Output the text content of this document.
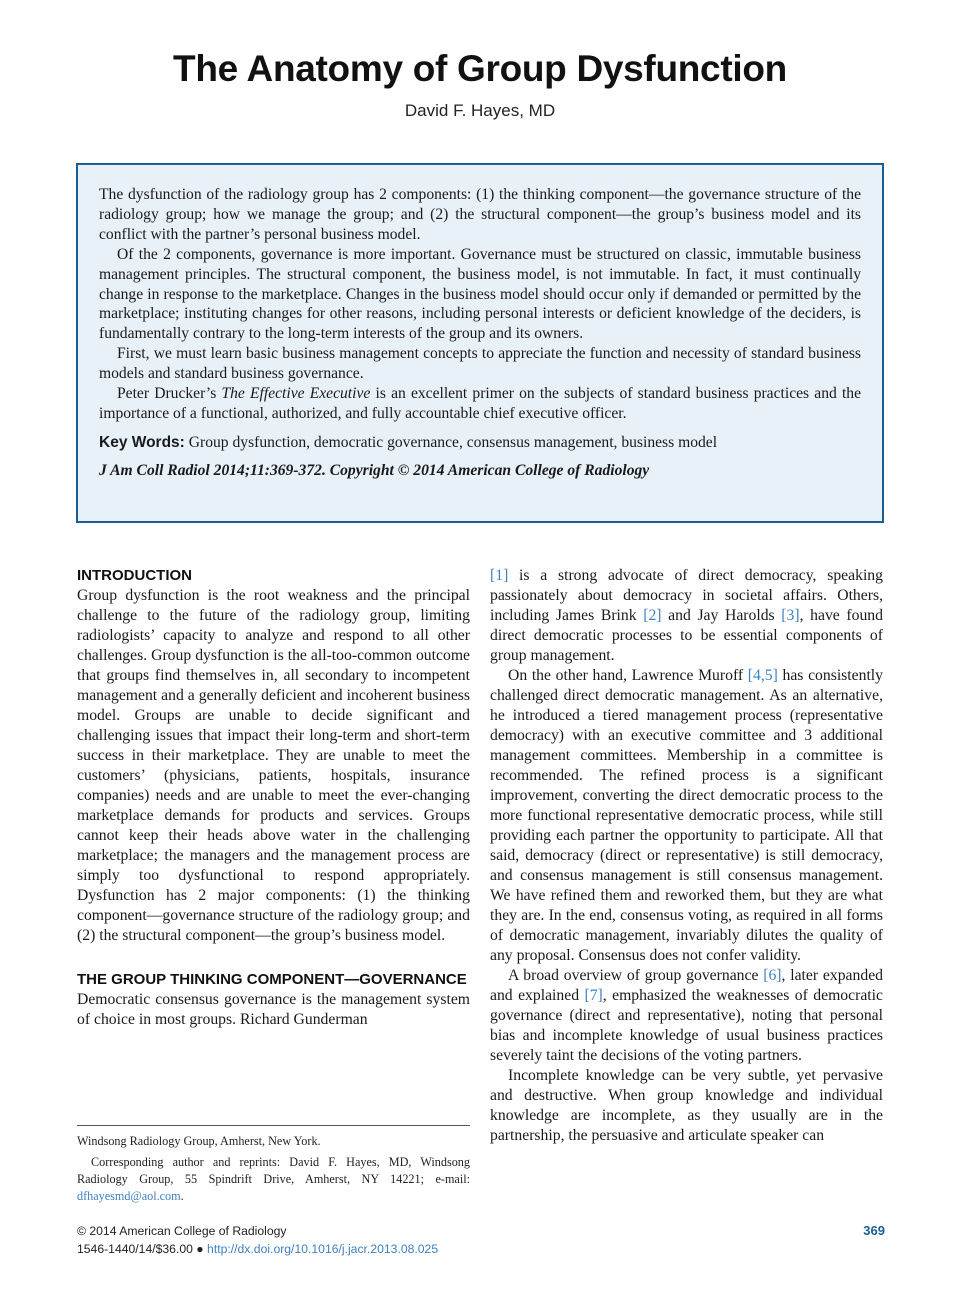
The Anatomy of Group Dysfunction
David F. Hayes, MD

The dysfunction of the radiology group has 2 components: (1) the thinking component—the governance structure of the radiology group; how we manage the group; and (2) the structural component—the group’s business model and its conflict with the partner’s personal business model.

Of the 2 components, governance is more important. Governance must be structured on classic, immutable business management principles. The structural component, the business model, is not immutable. In fact, it must continually change in response to the marketplace. Changes in the business model should occur only if demanded or permitted by the marketplace; instituting changes for other reasons, including personal interests or deficient knowledge of the deciders, is fundamentally contrary to the long-term interests of the group and its owners.

First, we must learn basic business management concepts to appreciate the function and necessity of standard business models and standard business governance.

Peter Drucker’s The Effective Executive is an excellent primer on the subjects of standard business practices and the importance of a functional, authorized, and fully accountable chief executive officer.

Key Words: Group dysfunction, democratic governance, consensus management, business model
J Am Coll Radiol 2014;11:369-372. Copyright © 2014 American College of Radiology
INTRODUCTION

Group dysfunction is the root weakness and the principal challenge to the future of the radiology group, limiting radiologists’ capacity to analyze and respond to all other challenges. Group dysfunction is the all-too-common outcome that groups find themselves in, all secondary to incompetent management and a generally deficient and incoherent business model. Groups are unable to decide significant and challenging issues that impact their long-term and short-term success in their marketplace. They are unable to meet the customers’ (physicians, patients, hospitals, insurance companies) needs and are unable to meet the ever-changing marketplace demands for products and services. Groups cannot keep their heads above water in the challenging marketplace; the managers and the management process are simply too dysfunctional to respond appropriately. Dysfunction has 2 major components: (1) the thinking component—governance structure of the radiology group; and (2) the structural component—the group’s business model.

THE GROUP THINKING COMPONENT—GOVERNANCE

Democratic consensus governance is the management system of choice in most groups. Richard Gunderman

[1] is a strong advocate of direct democracy, speaking passionately about democracy in societal affairs. Others, including James Brink [2] and Jay Harolds [3], have found direct democratic processes to be essential components of group management.

On the other hand, Lawrence Muroff [4,5] has consistently challenged direct democratic management. As an alternative, he introduced a tiered management process (representative democracy) with an executive committee and 3 additional management committees. Membership in a committee is recommended. The refined process is a significant improvement, converting the direct democratic process to the more functional representative democratic process, while still providing each partner the opportunity to participate. All that said, democracy (direct or representative) is still democracy, and consensus management is still consensus management. We have refined them and reworked them, but they are what they are. In the end, consensus voting, as required in all forms of democratic management, invariably dilutes the quality of any proposal. Consensus does not confer validity.

A broad overview of group governance [6], later expanded and explained [7], emphasized the weaknesses of democratic governance (direct and representative), noting that personal bias and incomplete knowledge of usual business practices severely taint the decisions of the voting partners.

Incomplete knowledge can be very subtle, yet pervasive and destructive. When group knowledge and individual knowledge are incomplete, as they usually are in the partnership, the persuasive and articulate speaker can

Windsong Radiology Group, Amherst, New York.

Corresponding author and reprints: David F. Hayes, MD, Windsong Radiology Group, 55 Spindrift Drive, Amherst, NY 14221; e-mail: dfhayesmd@aol.com.

© 2014 American College of Radiology
1546-1440/14/$36.00 ● http://dx.doi.org/10.1016/j.jacr.2013.08.025
369
